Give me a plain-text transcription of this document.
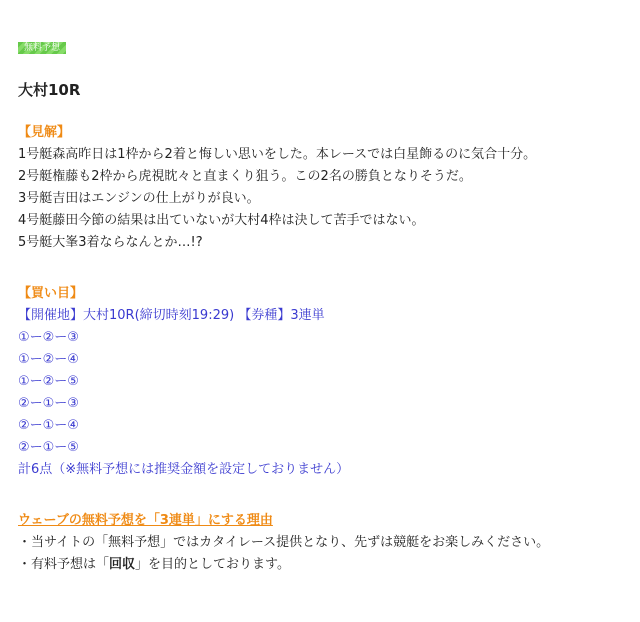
無料予想
大村10R
【見解】
1号艇森高昨日は1枠から2着と悔しい思いをした。本レースでは白星飾るのに気合十分。
2号艇権藤も2枠から虎視眈々と直まくり狙う。この2名の勝負となりそうだ。
3号艇吉田はエンジンの仕上がりが良い。
4号艇藤田今節の結果は出ていないが大村4枠は決して苦手ではない。
5号艇大峯3着ならなんとか…!?
【買い目】
【開催地】大村10R(締切時刻19:29) 【券種】3連単
①ー②ー③
①ー②ー④
①ー②ー⑤
②ー①ー③
②ー①ー④
②ー①ー⑤
計6点（※無料予想には推奨金額を設定しておりません）
ウェーブの無料予想を「3連単」にする理由
・当サイトの「無料予想」ではカタイレース提供となり、先ずは競艇をお楽しみください。
・有料予想は「回収」を目的としております。
